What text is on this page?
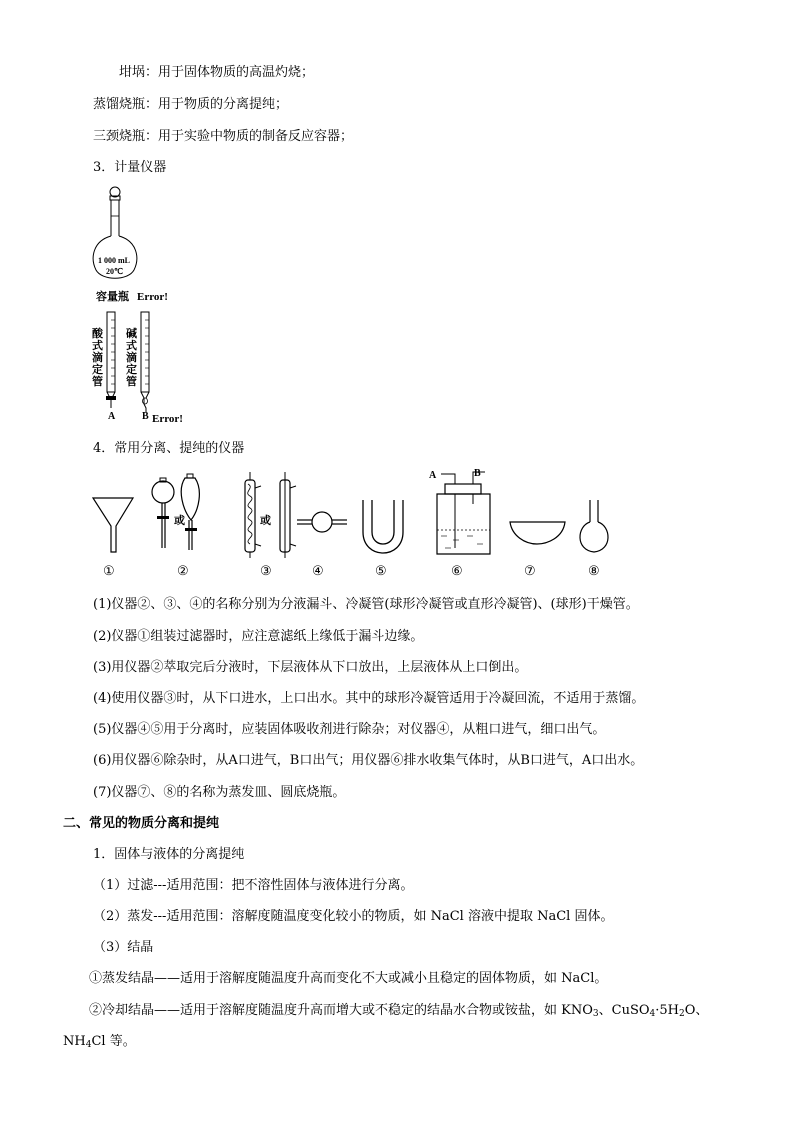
坩埚：用于固体物质的高温灼烧；
蒸馏烧瓶：用于物质的分离提纯；
三颈烧瓶：用于实验中物质的制备反应容器；
3．计量仪器
1 000 mL
20℃
容量瓶 Error!
酸式滴定管
碱式滴定管
A	B Error!
4．常用分离、提纯的仪器
或	或
A	B
①	②	③	④	⑤	⑥	⑦	⑧
(1)仪器②、③、④的名称分别为分液漏斗、冷凝管(球形冷凝管或直形冷凝管)、(球形)干燥管。
(2)仪器①组装过滤器时，应注意滤纸上缘低于漏斗边缘。
(3)用仪器②萃取完后分液时，下层液体从下口放出，上层液体从上口倒出。
(4)使用仪器③时，从下口进水，上口出水。其中的球形冷凝管适用于冷凝回流，不适用于蒸馏。
(5)仪器④⑤用于分离时，应装固体吸收剂进行除杂；对仪器④，从粗口进气，细口出气。
(6)用仪器⑥除杂时，从A口进气，B口出气；用仪器⑥排水收集气体时，从B口进气，A口出水。
(7)仪器⑦、⑧的名称为蒸发皿、圆底烧瓶。
二、常见的物质分离和提纯
1．固体与液体的分离提纯
（1）过滤---适用范围：把不溶性固体与液体进行分离。
（2）蒸发---适用范围：溶解度随温度变化较小的物质，如 NaCl 溶液中提取 NaCl 固体。
（3）结晶
①蒸发结晶——适用于溶解度随温度升高而变化不大或减小且稳定的固体物质，如 NaCl。
②冷却结晶——适用于溶解度随温度升高而增大或不稳定的结晶水合物或铵盐，如 $KNO_3$、$CuSO_4\cdot 5H_2O$、
$NH_4Cl$ 等。
